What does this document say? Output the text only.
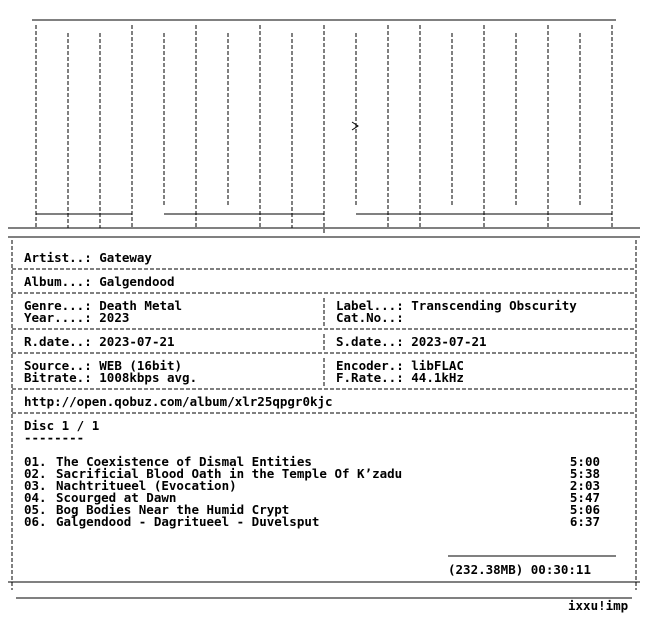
Artist..: Gateway
Album...: Galgendood
Genre...: Death Metal
Year....: 2023
Label...: Transcending Obscurity
Cat.No..:
R.date..: 2023-07-21	S.date..: 2023-07-21
Source..: WEB (16bit)
Bitrate.: 1008kbps avg.
Encoder.: libFLAC
F.Rate..: 44.1kHz
http://open.qobuz.com/album/xlr25qpgr0kjc
Disc 1 / 1
--------
01. The Coexistence of Dismal Entities	5:00
02. Sacrificial Blood Oath in the Temple Of K’zadu	5:38
03. Nachtritueel (Evocation)	2:03
04. Scourged at Dawn	5:47
05. Bog Bodies Near the Humid Crypt	5:06
06. Galgendood - Dagritueel - Duvelsput	6:37
(232.38MB) 00:30:11
ixxu!imp
